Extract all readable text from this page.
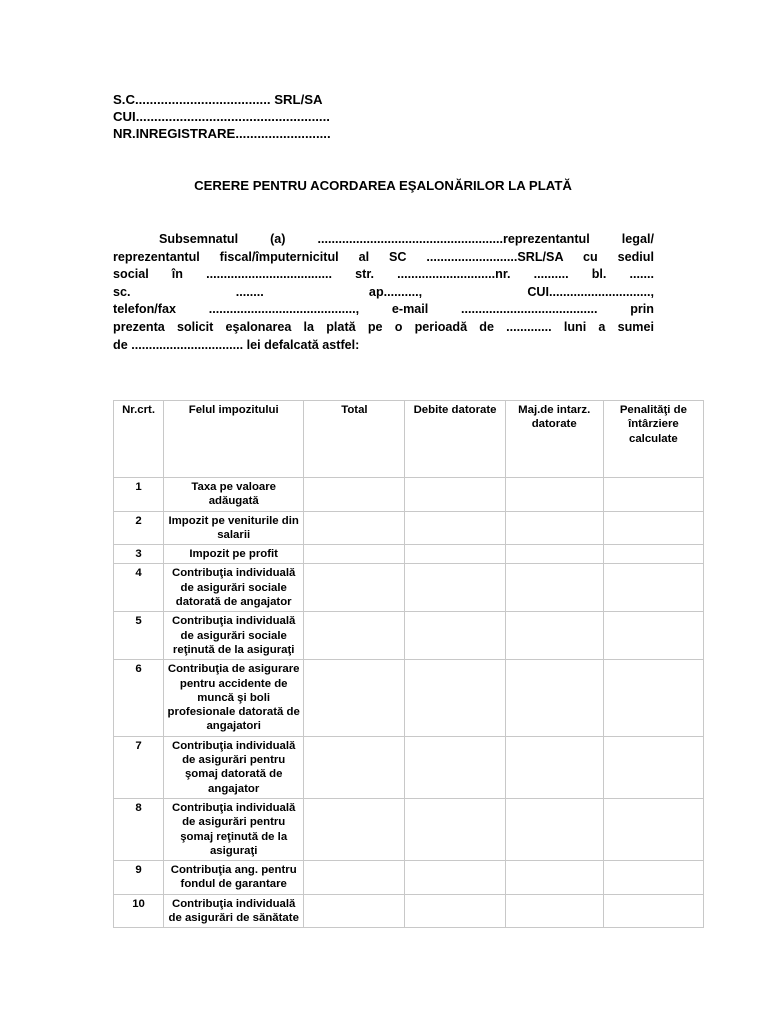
S.C..................................... SRL/SA
CUI.....................................................
NR.INREGISTRARE..........................
CERERE PENTRU ACORDAREA EŞALONĂRILOR LA PLATĂ
Subsemnatul (a) .....................................................reprezentantul legal/
reprezentantul fiscal/împuternicitul al SC ..........................SRL/SA cu sediul
social în .................................... str. ............................nr. .......... bl. .......
sc. ........ ap.........., CUI.............................,
telefon/fax .........................................., e-mail ....................................... prin
prezenta solicit eşalonarea la plată pe o perioadă de ............. luni a sumei
de ................................ lei defalcată astfel:
Nr.crt.	Felul impozitului	Total	Debite datorate	Maj.de intarz. datorate	Penalităţi de întârziere calculate
1	Taxa pe valoare adăugată				
2	Impozit pe veniturile din salarii				
3	Impozit pe profit				
4	Contribuţia individuală de asigurări sociale datorată de angajator				
5	Contribuţia individuală de asigurări sociale reţinută de la asiguraţi				
6	Contribuţia de asigurare pentru accidente de muncă şi boli profesionale datorată de angajatori				
7	Contribuţia individuală de asigurări pentru şomaj datorată de angajator				
8	Contribuţia individuală de asigurări pentru şomaj reţinută de la asiguraţi				
9	Contribuţia ang. pentru fondul de garantare				
10	Contribuţia individuală de asigurări de sănătate				
